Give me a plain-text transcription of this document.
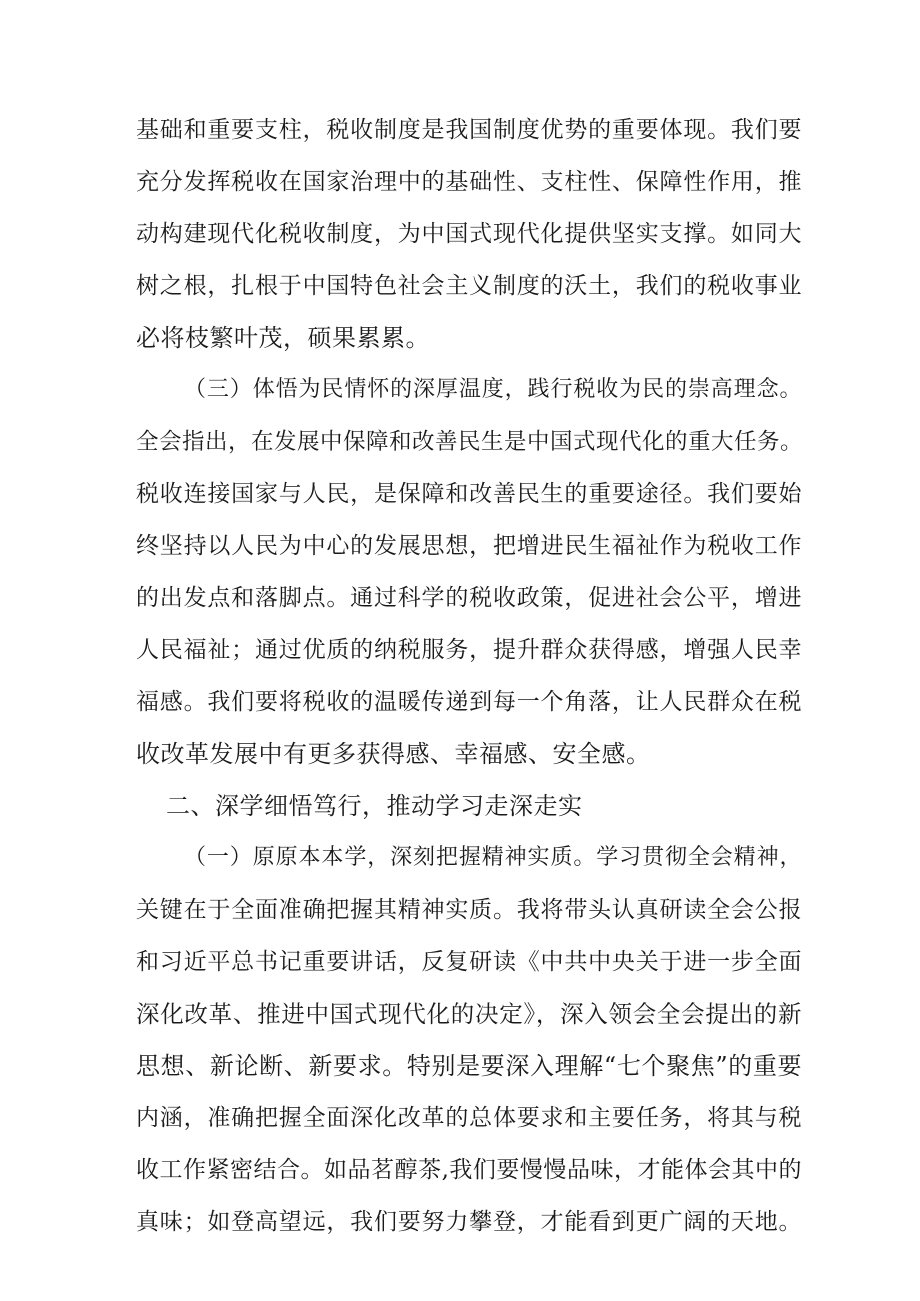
基础和重要支柱，税收制度是我国制度优势的重要体现。我们要
充分发挥税收在国家治理中的基础性、支柱性、保障性作用，推
动构建现代化税收制度，为中国式现代化提供坚实支撑。如同大
树之根，扎根于中国特色社会主义制度的沃土，我们的税收事业
必将枝繁叶茂，硕果累累。
（三）体悟为民情怀的深厚温度，践行税收为民的崇高理念。
全会指出，在发展中保障和改善民生是中国式现代化的重大任务。
税收连接国家与人民，是保障和改善民生的重要途径。我们要始
终坚持以人民为中心的发展思想，把增进民生福祉作为税收工作
的出发点和落脚点。通过科学的税收政策，促进社会公平，增进
人民福祉；通过优质的纳税服务，提升群众获得感，增强人民幸
福感。我们要将税收的温暖传递到每一个角落，让人民群众在税
收改革发展中有更多获得感、幸福感、安全感。
二、深学细悟笃行，推动学习走深走实
（一）原原本本学，深刻把握精神实质。学习贯彻全会精神，
关键在于全面准确把握其精神实质。我将带头认真研读全会公报
和习近平总书记重要讲话，反复研读《中共中央关于进一步全面
深化改革、推进中国式现代化的决定》，深入领会全会提出的新
思想、新论断、新要求。特别是要深入理解“七个聚焦”的重要
内涵，准确把握全面深化改革的总体要求和主要任务，将其与税
收工作紧密结合。如品茗醇茶,我们要慢慢品味，才能体会其中的
真味；如登高望远，我们要努力攀登，才能看到更广阔的天地。
